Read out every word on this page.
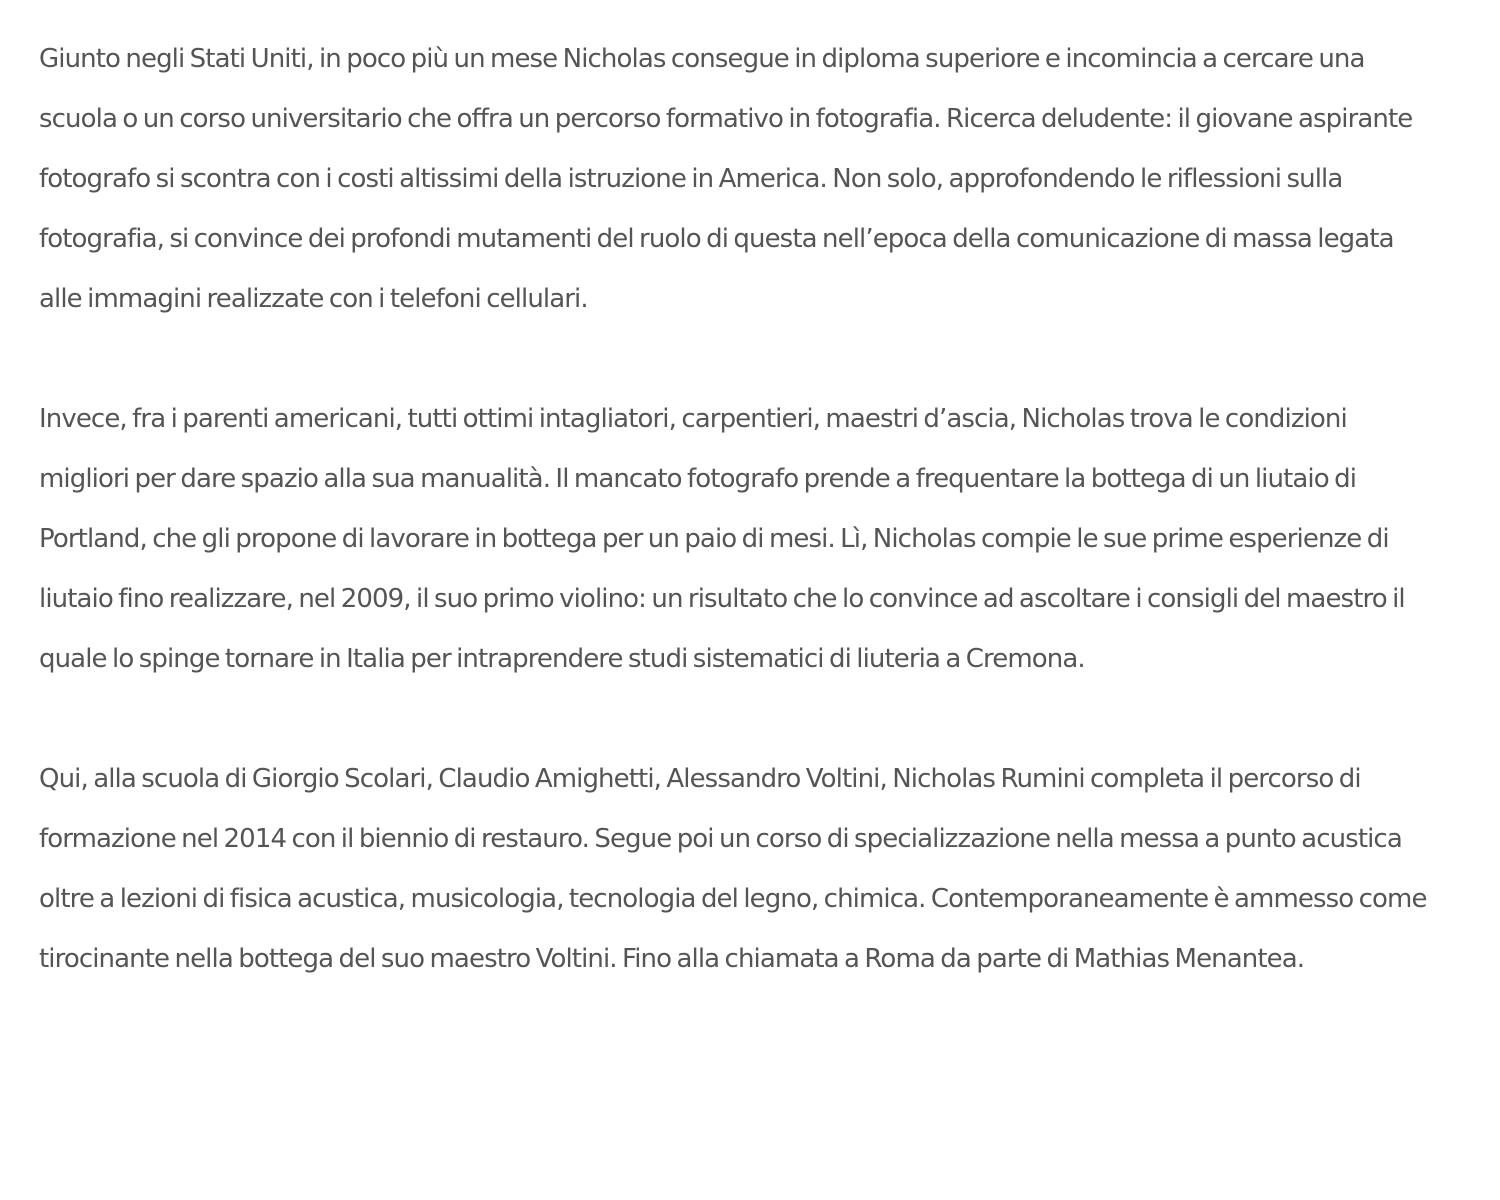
Giunto negli Stati Uniti, in poco più un mese Nicholas consegue in diploma superiore e incomincia a cercare una scuola o un corso universitario che offra un percorso formativo in fotografia. Ricerca deludente: il giovane aspirante fotografo si scontra con i costi altissimi della istruzione in America. Non solo, approfondendo le riflessioni sulla fotografia, si convince dei profondi mutamenti del ruolo di questa nell’epoca della comunicazione di massa legata alle immagini realizzate con i telefoni cellulari.

Invece, fra i parenti americani, tutti ottimi intagliatori, carpentieri, maestri d’ascia, Nicholas trova le condizioni migliori per dare spazio alla sua manualità. Il mancato fotografo prende a frequentare la bottega di un liutaio di Portland, che gli propone di lavorare in bottega per un paio di mesi. Lì, Nicholas compie le sue prime esperienze di liutaio fino realizzare, nel 2009, il suo primo violino: un risultato che lo convince ad ascoltare i consigli del maestro il quale lo spinge tornare in Italia per intraprendere studi sistematici di liuteria a Cremona.

Qui, alla scuola di Giorgio Scolari, Claudio Amighetti, Alessandro Voltini, Nicholas Rumini completa il percorso di formazione nel 2014 con il biennio di restauro. Segue poi un corso di specializzazione nella messa a punto acustica oltre a lezioni di fisica acustica, musicologia, tecnologia del legno, chimica. Contemporaneamente è ammesso come tirocinante nella bottega del suo maestro Voltini. Fino alla chiamata a Roma da parte di Mathias Menantea.
